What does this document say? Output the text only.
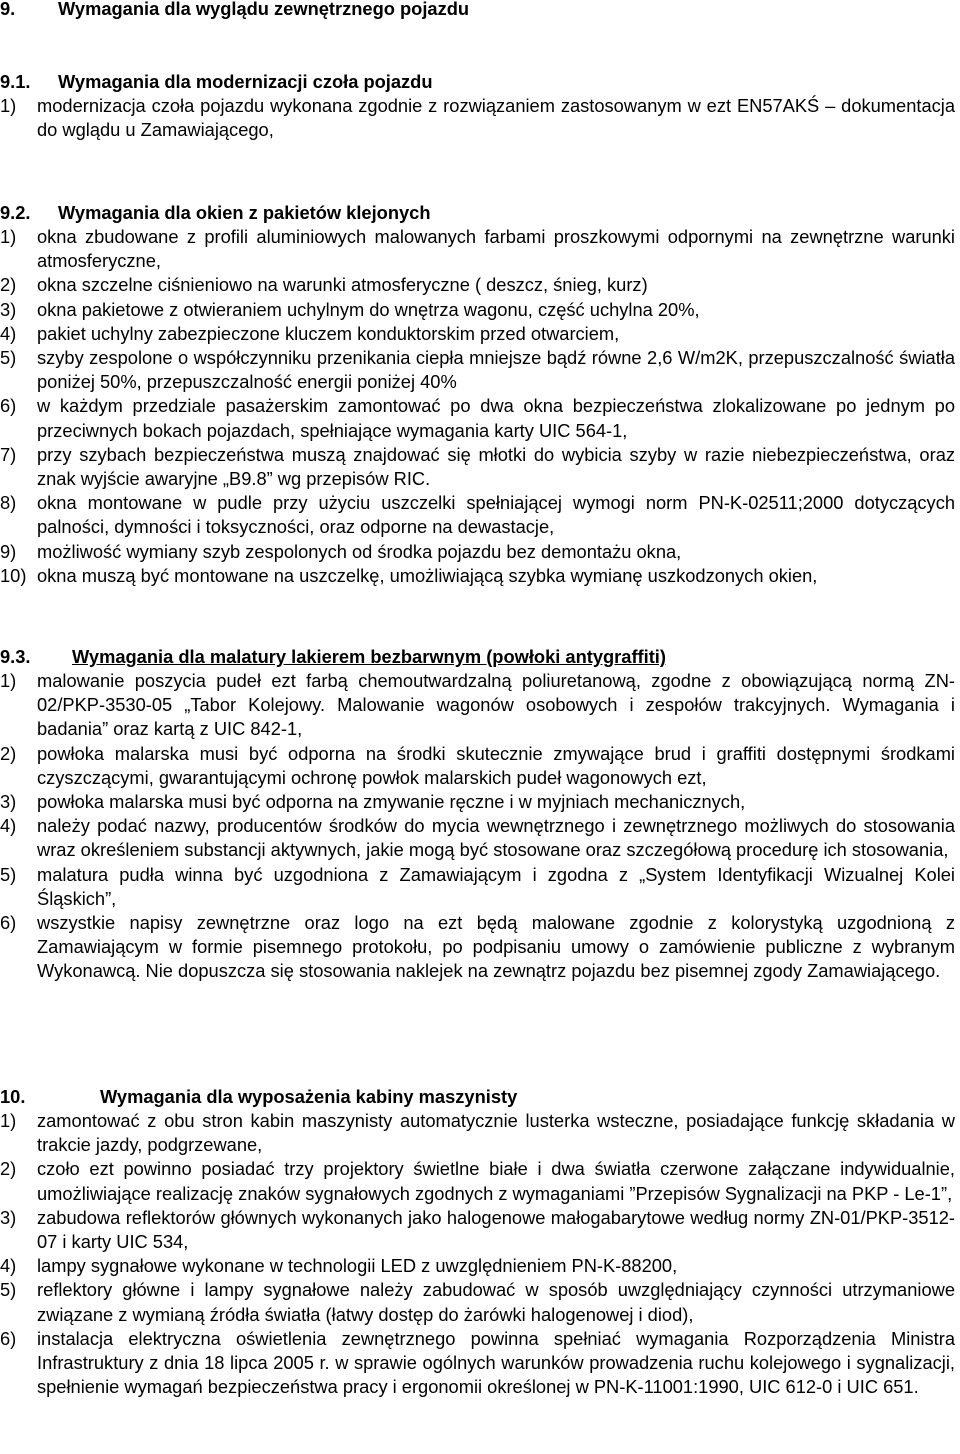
9. Wymagania dla wyglądu zewnętrznego pojazdu
9.1. Wymagania dla modernizacji czoła pojazdu
1) modernizacja czoła pojazdu wykonana zgodnie z rozwiązaniem zastosowanym w ezt EN57AKŚ – dokumentacja do wglądu u Zamawiającego,
9.2. Wymagania dla okien z pakietów klejonych
1) okna zbudowane z profili aluminiowych malowanych farbami proszkowymi odpornymi na zewnętrzne warunki atmosferyczne,
2) okna szczelne ciśnieniowo na warunki atmosferyczne ( deszcz, śnieg, kurz)
3) okna pakietowe z otwieraniem uchylnym do wnętrza wagonu, część uchylna 20%,
4) pakiet uchylny zabezpieczone kluczem konduktorskim przed otwarciem,
5) szyby zespolone o współczynniku przenikania ciepła mniejsze bądź równe 2,6 W/m2K, przepuszczalność światła poniżej 50%, przepuszczalność energii poniżej 40%
6) w każdym przedziale pasażerskim zamontować po dwa okna bezpieczeństwa zlokalizowane po jednym po przeciwnych bokach pojazdach, spełniające wymagania karty UIC 564-1,
7) przy szybach bezpieczeństwa muszą znajdować się młotki do wybicia szyby w razie niebezpieczeństwa, oraz znak wyjście awaryjne „B9.8” wg przepisów RIC.
8) okna montowane w pudle przy użyciu uszczelki spełniającej wymogi norm PN-K-02511;2000 dotyczących palności, dymności i toksyczności, oraz odporne na dewastacje,
9) możliwość wymiany szyb zespolonych od środka pojazdu bez demontażu okna,
10) okna muszą być montowane na uszczelkę, umożliwiającą szybka wymianę uszkodzonych okien,
9.3. Wymagania dla malatury lakierem bezbarwnym (powłoki antygraffiti)
1) malowanie poszycia pudeł ezt farbą chemoutwardzalną poliuretanową, zgodne z obowiązującą normą ZN-02/PKP-3530-05 „Tabor Kolejowy. Malowanie wagonów osobowych i zespołów trakcyjnych. Wymagania i badania” oraz kartą z UIC 842-1,
2) powłoka malarska musi być odporna na środki skutecznie zmywające brud i graffiti dostępnymi środkami czyszczącymi, gwarantującymi ochronę powłok malarskich pudeł wagonowych ezt,
3) powłoka malarska musi być odporna na zmywanie ręczne i w myjniach mechanicznych,
4) należy podać nazwy, producentów środków do mycia wewnętrznego i zewnętrznego możliwych do stosowania wraz określeniem substancji aktywnych, jakie mogą być stosowane oraz szczegółową procedurę ich stosowania,
5) malatura pudła winna być uzgodniona z Zamawiającym i zgodna z „System Identyfikacji Wizualnej Kolei Śląskich”,
6) wszystkie napisy zewnętrzne oraz logo na ezt będą malowane zgodnie z kolorystyką uzgodnioną z Zamawiającym w formie pisemnego protokołu, po podpisaniu umowy o zamówienie publiczne z wybranym Wykonawcą. Nie dopuszcza się stosowania naklejek na zewnątrz pojazdu bez pisemnej zgody Zamawiającego.
10.	Wymagania dla wyposażenia kabiny maszynisty
1) zamontować z obu stron kabin maszynisty automatycznie lusterka wsteczne, posiadające funkcję składania w trakcie jazdy, podgrzewane,
2) czoło ezt powinno posiadać trzy projektory świetlne białe i dwa światła czerwone załączane indywidualnie, umożliwiające realizację znaków sygnałowych zgodnych z wymaganiami ”Przepisów Sygnalizacji na PKP - Le-1”,
3) zabudowa reflektorów głównych wykonanych jako halogenowe małogabarytowe według normy ZN-01/PKP-3512-07 i karty UIC 534,
4) lampy sygnałowe wykonane w technologii LED z uwzględnieniem PN-K-88200,
5) reflektory główne i lampy sygnałowe należy zabudować w sposób uwzględniający czynności utrzymaniowe związane z wymianą źródła światła (łatwy dostęp do żarówki halogenowej i diod),
6) instalacja elektryczna oświetlenia zewnętrznego powinna spełniać wymagania Rozporządzenia Ministra Infrastruktury z dnia 18 lipca 2005 r. w sprawie ogólnych warunków prowadzenia ruchu kolejowego i sygnalizacji, spełnienie wymagań bezpieczeństwa pracy i ergonomii określonej w PN-K-11001:1990, UIC 612-0 i UIC 651.
